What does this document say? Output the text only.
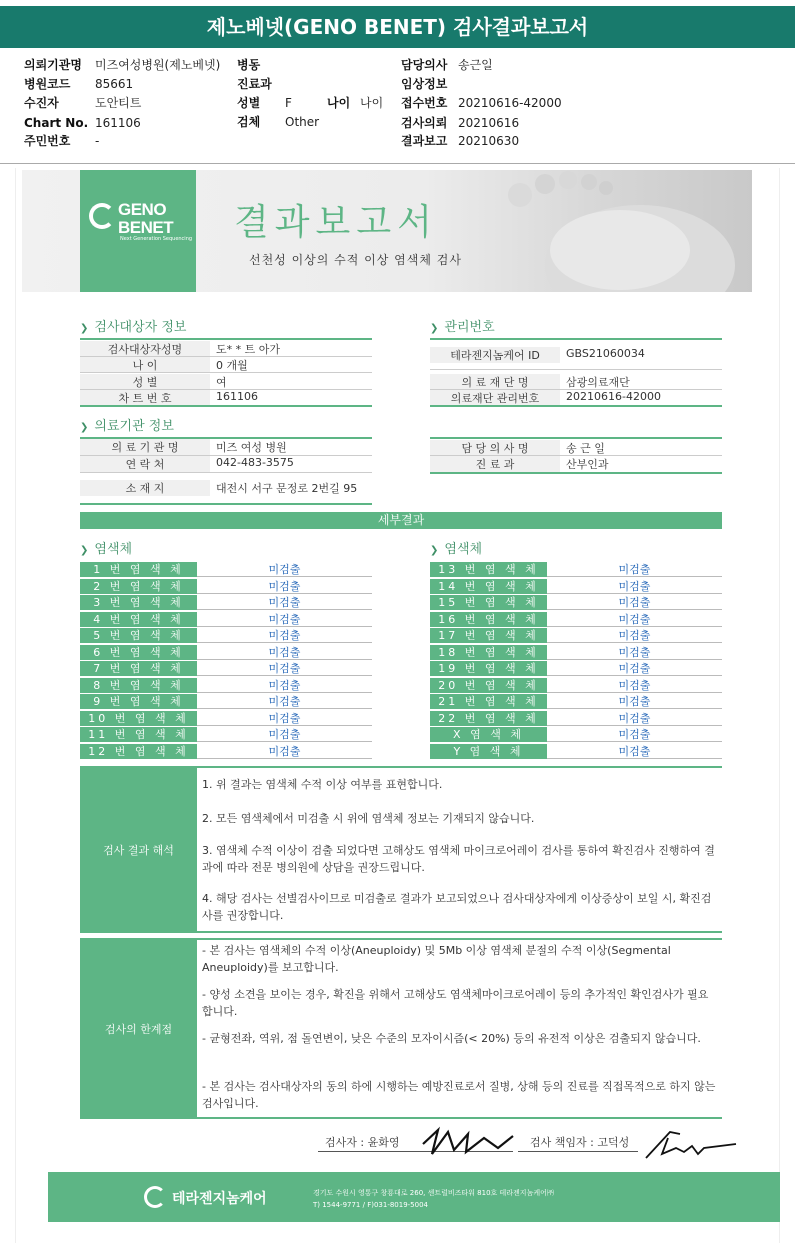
제노베넷(GENO BENET) 검사결과보고서
의뢰기관명 미즈여성병원(제노베넷)
병원코드 85661
수진자	도안티트
Chart No. 161106
주민번호 -
병동
진료과
성별 F	나이 나이
검체 Other
담당의사 송근일
임상정보
접수번호 20210616-42000
검사의뢰 20210616
결과보고 20210630
GENO
BENET
Next Generation Sequencing 결과보고서
선천성 이상의 수적 이상 염색체 검사
❯ 검사대상자 정보
검사대상자성명	도* * 트 아가
나 이	0 개월
성 별	여
차 트 번 호	161106
❯ 관리번호
테라젠지놈케어 ID	GBS21060034
의 료 재 단 명	삼광의료재단
의료재단 관리번호	20210616-42000
❯ 의료기관 정보
의 료 기 관 명	미즈 여성 병원
연 락 처	042-483-3575
소 재 지	대전시 서구 문정로 2번길 95
담 당 의 사 명	송 근 일
진 료 과	산부인과
세부결과
❯ 염색체	❯ 염색체
1 번 염 색 체	미검출
2 번 염 색 체	미검출
3 번 염 색 체	미검출
4 번 염 색 체	미검출
5 번 염 색 체	미검출
6 번 염 색 체	미검출
7 번 염 색 체	미검출
8 번 염 색 체	미검출
9 번 염 색 체	미검출
10 번 염 색 체	미검출
11 번 염 색 체	미검출
12 번 염 색 체	미검출
13 번 염 색 체	미검출
14 번 염 색 체	미검출
15 번 염 색 체	미검출
16 번 염 색 체	미검출
17 번 염 색 체	미검출
18 번 염 색 체	미검출
19 번 염 색 체	미검출
20 번 염 색 체	미검출
21 번 염 색 체	미검출
22 번 염 색 체	미검출
X 염 색 체	미검출
Y 염 색 체	미검출
검사 결과 해석
1. 위 결과는 염색체 수적 이상 여부를 표현합니다.
2. 모든 염색체에서 미검출 시 위에 염색체 정보는 기재되지 않습니다.
3. 염색체 수적 이상이 검출 되었다면 고해상도 염색체 마이크로어레이 검사를 통하여 확진검사 진행하여 결과에 따라 전문 병의원에 상담을 권장드립니다.
4. 해당 검사는 선별검사이므로 미검출로 결과가 보고되었으나 검사대상자에게 이상증상이 보일 시, 확진검사를 권장합니다.
검사의 한계점
- 본 검사는 염색체의 수적 이상(Aneuploidy) 및 5Mb 이상 염색체 분절의 수적 이상(Segmental Aneuploidy)를 보고합니다.
- 양성 소견을 보이는 경우, 확진을 위해서 고해상도 염색체마이크로어레이 등의 추가적인 확인검사가 필요합니다.
- 균형전좌, 역위, 점 돌연변이, 낮은 수준의 모자이시즘(< 20%) 등의 유전적 이상은 검출되지 않습니다.
- 본 검사는 검사대상자의 동의 하에 시행하는 예방진료로서 질병, 상해 등의 진료를 직접목적으로 하지 않는 검사입니다.
검사자 : 윤화영	검사 책임자 : 고덕성
테라젠지놈케어	경기도 수원시 영통구 창룡대로 260, 센트럴비즈타워 810호 테라젠지놈케어㈜
T) 1544-9771 / F)031-8019-5004
